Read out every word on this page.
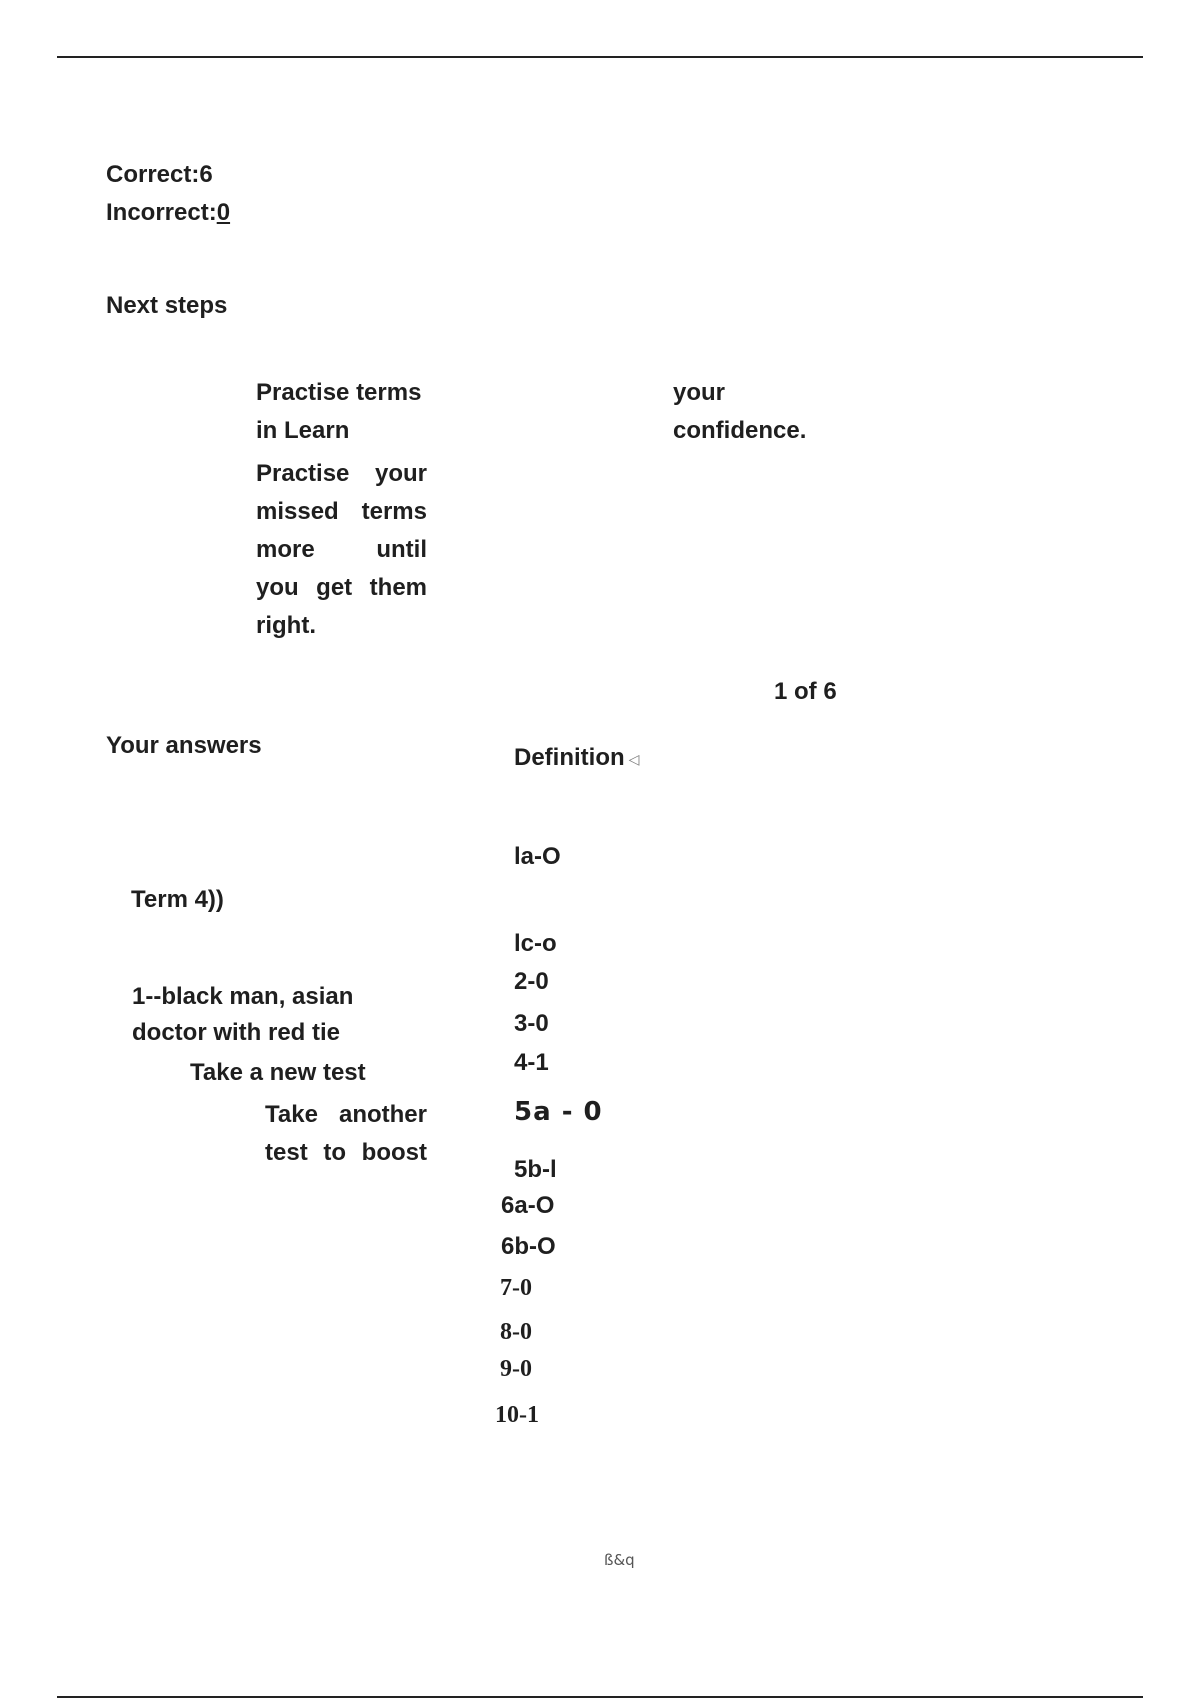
Correct:6
Incorrect:0
Next steps
Practise terms
in Learn
Practise your
missed terms
more until
you get them
right.
your
confidence.
1 of 6
Your answers	Definition ◁
Term 4))
1--black man, asian
doctor with red tie
Take a new test
Take another
test to boost
la-O
lc-o
2-0
3-0
4-1
5a - 0
5b-l
6a-O
6b-O
7-0
8-0
9-0
10-1
ß&q
